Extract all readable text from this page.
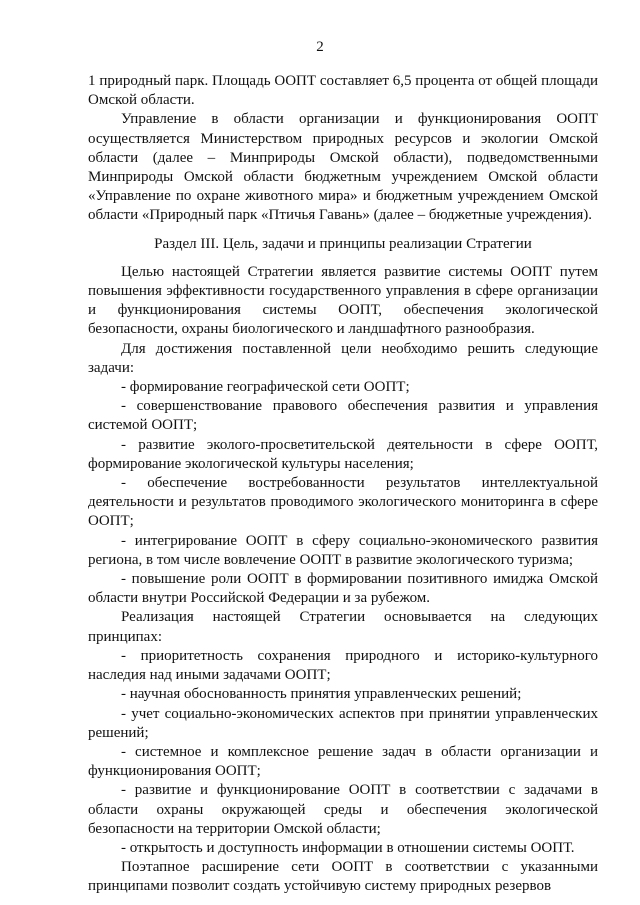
2

1 природный парк. Площадь ООПТ составляет 6,5 процента от общей площади Омской области.

Управление в области организации и функционирования ООПТ осуществляется Министерством природных ресурсов и экологии Омской области (далее – Минприроды Омской области), подведомственными Минприроды Омской области бюджетным учреждением Омской области «Управление по охране животного мира» и бюджетным учреждением Омской области «Природный парк «Птичья Гавань» (далее – бюджетные учреждения).

Раздел III. Цель, задачи и принципы реализации Стратегии

Целью настоящей Стратегии является развитие системы ООПТ путем повышения эффективности государственного управления в сфере организации и функционирования системы ООПТ, обеспечения экологической безопасности, охраны биологического и ландшафтного разнообразия.

Для достижения поставленной цели необходимо решить следующие задачи:

- формирование географической сети ООПТ;

- совершенствование правового обеспечения развития и управления системой ООПТ;

- развитие эколого-просветительской деятельности в сфере ООПТ, формирование экологической культуры населения;

- обеспечение востребованности результатов интеллектуальной деятельности и результатов проводимого экологического мониторинга в сфере ООПТ;

- интегрирование ООПТ в сферу социально-экономического развития региона, в том числе вовлечение ООПТ в развитие экологического туризма;

- повышение роли ООПТ в формировании позитивного имиджа Омской области внутри Российской Федерации и за рубежом.

Реализация настоящей Стратегии основывается на следующих принципах:

- приоритетность сохранения природного и историко-культурного наследия над иными задачами ООПТ;

- научная обоснованность принятия управленческих решений;

- учет социально-экономических аспектов при принятии управленческих решений;

- системное и комплексное решение задач в области организации и функционирования ООПТ;

- развитие и функционирование ООПТ в соответствии с задачами в области охраны окружающей среды и обеспечения экологической безопасности на территории Омской области;

- открытость и доступность информации в отношении системы ООПТ.

Поэтапное расширение сети ООПТ в соответствии с указанными принципами позволит создать устойчивую систему природных резервов
